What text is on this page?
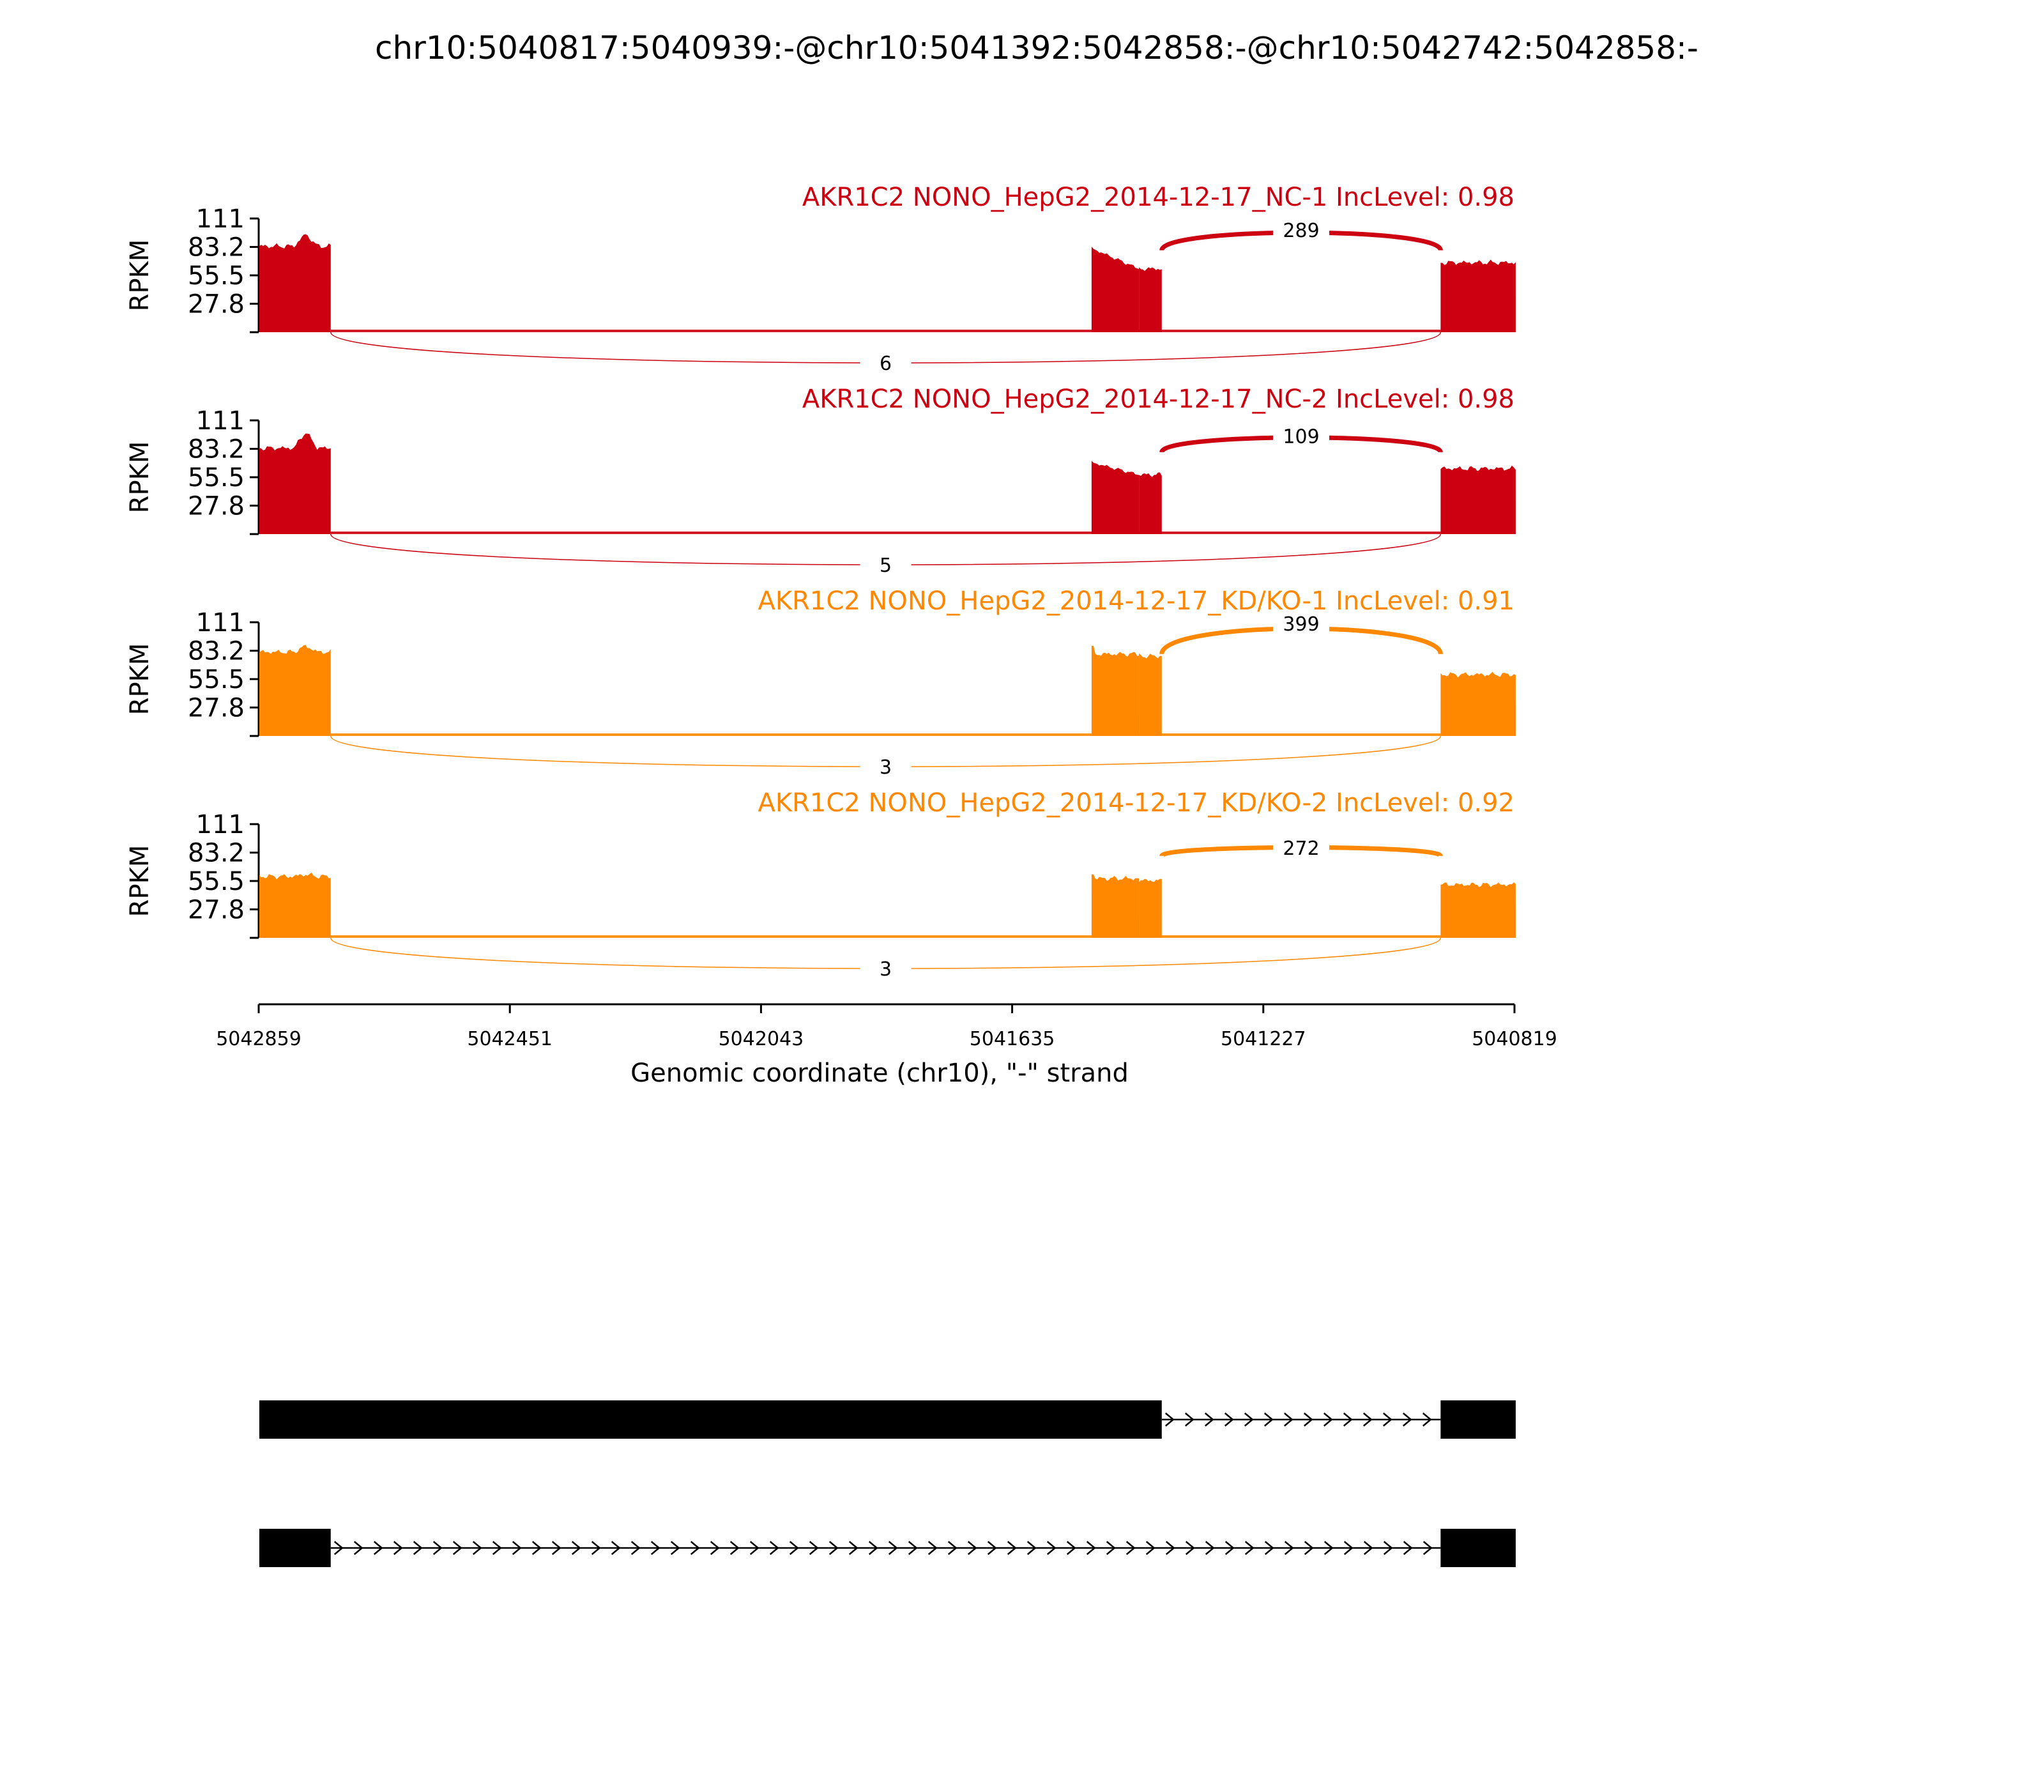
chr10:5040817:5040939:-@chr10:5041392:5042858:-@chr10:5042742:5042858:-
111
83.2
55.5
27.8
RPKM
289
6
AKR1C2 NONO_HepG2_2014-12-17_NC-1 IncLevel: 0.98
111
83.2
55.5
27.8
RPKM
109
5
AKR1C2 NONO_HepG2_2014-12-17_NC-2 IncLevel: 0.98
111
83.2
55.5
27.8
RPKM
399
3
AKR1C2 NONO_HepG2_2014-12-17_KD/KO-1 IncLevel: 0.91
111
83.2
55.5
27.8
RPKM	272
3
AKR1C2 NONO_HepG2_2014-12-17_KD/KO-2 IncLevel: 0.92
5042859	5042451	5042043	5041635	5041227	5040819
Genomic coordinate (chr10), "-" strand
